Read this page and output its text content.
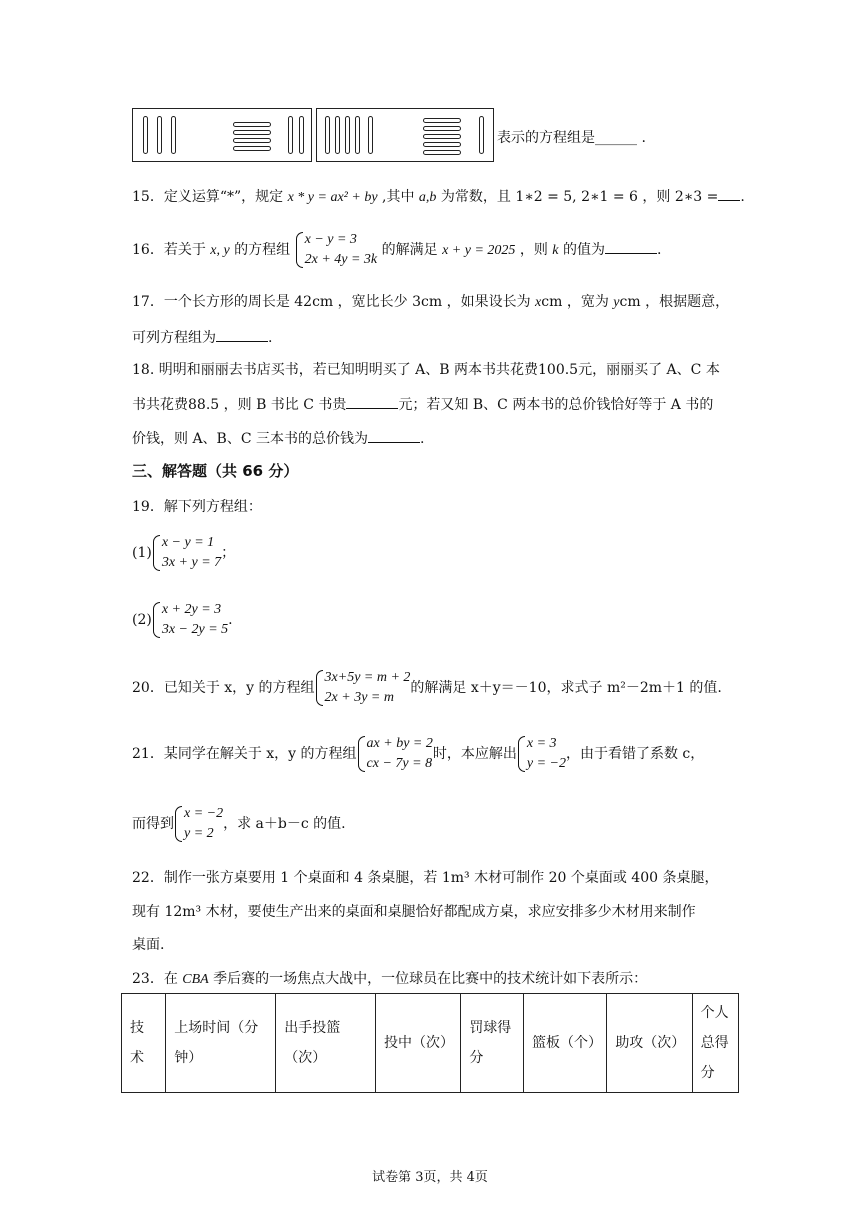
表示的方程组是______ .
15．定义运算“*”，规定 x * y = ax² + by ,其中 a,b 为常数，且 1∗2 = 5, 2∗1 = 6 ，则 2∗3 = .
16．若关于 x, y 的方程组
x − y = 3
2x + 4y = 3k
的解满足 x + y = 2025 ，则 k 的值为	.
17．一个长方形的周长是 42cm ，宽比长少 3cm ，如果设长为 xcm ，宽为 ycm ，根据题意，
可列方程组为	.
18. 明明和丽丽去书店买书，若已知明明买了 A、B 两本书共花费100.5元，丽丽买了 A、C 本
书共花费88.5 ，则 B 书比 C 书贵	元；若又知 B、C 两本书的总价钱恰好等于 A 书的
价钱，则 A、B、C 三本书的总价钱为	.
三、解答题（共 66 分）
19．解下列方程组：
(1)
x − y = 1
3x + y = 7
；
(2)
x + 2y = 3
3x − 2y = 5
.
20．已知关于 x，y 的方程组
3x+5y = m + 2
2x + 3y = m
的解满足 x＋y＝－10，求式子 m²－2m＋1 的值.
21．某同学在解关于 x，y 的方程组
ax + by = 2
cx − 7y = 8
时，本应解出
x = 3
y = −2
，由于看错了系数 c，
而得到
x = −2
y = 2
，求 a＋b－c 的值.
22．制作一张方桌要用 1 个桌面和 4 条桌腿，若 1m³ 木材可制作 20 个桌面或 400 条桌腿，
现有 12m³ 木材，要使生产出来的桌面和桌腿恰好都配成方桌，求应安排多少木材用来制作
桌面.
23．在 CBA 季后赛的一场焦点大战中，一位球员在比赛中的技术统计如下表所示：
技术	上场时间（分钟）	出手投篮（次）	投中（次）	罚球得分	篮板（个）	助攻（次）	个人总得分
试卷第 3页，共 4页
